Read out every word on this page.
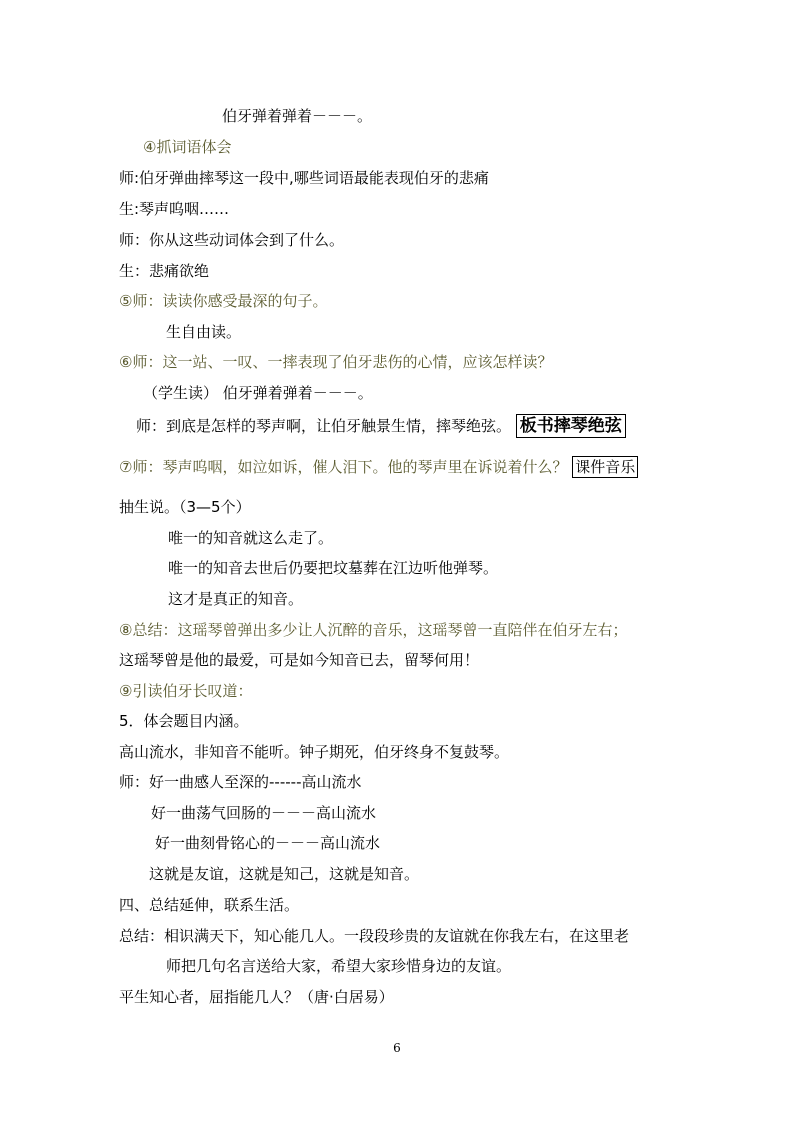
伯牙弹着弹着－－－。
④抓词语体会
师:伯牙弹曲摔琴这一段中,哪些词语最能表现伯牙的悲痛
生:琴声呜咽……
师：你从这些动词体会到了什么。
生：悲痛欲绝
⑤师：读读你感受最深的句子。
生自由读。
⑥师：这一站、一叹、一摔表现了伯牙悲伤的心情，应该怎样读？
（学生读） 伯牙弹着弹着－－－。
师：到底是怎样的琴声啊，让伯牙触景生情，摔琴绝弦。 板书摔琴绝弦
⑦师：琴声呜咽，如泣如诉，催人泪下。他的琴声里在诉说着什么？ 课件音乐
抽生说。（3—5个）
唯一的知音就这么走了。
唯一的知音去世后仍要把坟墓葬在江边听他弹琴。
这才是真正的知音。
⑧总结：这瑶琴曾弹出多少让人沉醉的音乐，这瑶琴曾一直陪伴在伯牙左右；
这瑶琴曾是他的最爱，可是如今知音已去，留琴何用！
⑨引读伯牙长叹道：
5．体会题目内涵。
高山流水，非知音不能听。钟子期死，伯牙终身不复鼓琴。
师：好一曲感人至深的------高山流水
好一曲荡气回肠的－－－高山流水
好一曲刻骨铭心的－－－高山流水
这就是友谊，这就是知己，这就是知音。
四、总结延伸，联系生活。
总结：相识满天下，知心能几人。一段段珍贵的友谊就在你我左右，在这里老
师把几句名言送给大家，希望大家珍惜身边的友谊。
平生知心者，屈指能几人？（唐·白居易）
6
